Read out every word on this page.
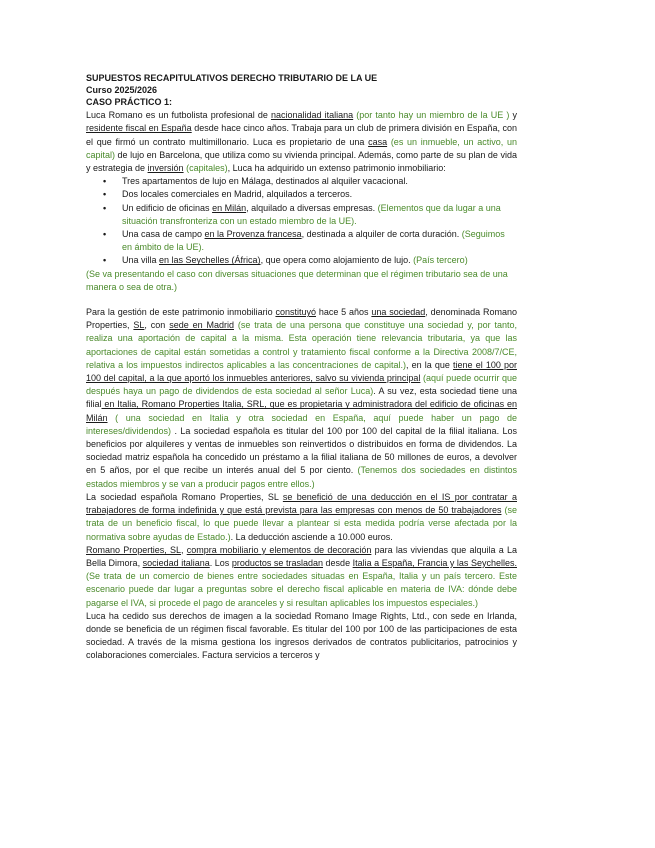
SUPUESTOS RECAPITULATIVOS DERECHO TRIBUTARIO DE LA UE

Curso 2025/2026

CASO PRÁCTICO 1:

Luca Romano es un futbolista profesional de nacionalidad italiana (por tanto hay un miembro de la UE ) y residente fiscal en España desde hace cinco años. Trabaja para un club de primera división en España, con el que firmó un contrato multimillonario. Luca es propietario de una casa (es un inmueble, un activo, un capital) de lujo en Barcelona, que utiliza como su vivienda principal. Además, como parte de su plan de vida y estrategia de inversión (capitales), Luca ha adquirido un extenso patrimonio inmobiliario:

• Tres apartamentos de lujo en Málaga, destinados al alquiler vacacional.
• Dos locales comerciales en Madrid, alquilados a terceros.
• Un edificio de oficinas en Milán, alquilado a diversas empresas. (Elementos que da lugar a una situación transfronteriza con un estado miembro de la UE).
• Una casa de campo en la Provenza francesa, destinada a alquiler de corta duración. (Seguimos en ámbito de la UE).
• Una villa en las Seychelles (África), que opera como alojamiento de lujo. (País tercero)

(Se va presentando el caso con diversas situaciones que determinan que el régimen tributario sea de una manera o sea de otra.)

Para la gestión de este patrimonio inmobiliario constituyó hace 5 años una sociedad, denominada Romano Properties, SL, con sede en Madrid (se trata de una persona que constituye una sociedad y, por tanto, realiza una aportación de capital a la misma. Esta operación tiene relevancia tributaria, ya que las aportaciones de capital están sometidas a control y tratamiento fiscal conforme a la Directiva 2008/7/CE, relativa a los impuestos indirectos aplicables a las concentraciones de capital.), en la que tiene el 100 por 100 del capital, a la que aportó los inmuebles anteriores, salvo su vivienda principal (aquí puede ocurrir que después haya un pago de dividendos de esta sociedad al señor Luca). A su vez, esta sociedad tiene una filial en Italia, Romano Properties Italia, SRL, que es propietaria y administradora del edificio de oficinas en Milán ( una sociedad en Italia y otra sociedad en España, aquí puede haber un pago de intereses/dividendos) . La sociedad española es titular del 100 por 100 del capital de la filial italiana. Los beneficios por alquileres y ventas de inmuebles son reinvertidos o distribuidos en forma de dividendos. La sociedad matriz española ha concedido un préstamo a la filial italiana de 50 millones de euros, a devolver en 5 años, por el que recibe un interés anual del 5 por ciento. (Tenemos dos sociedades en distintos estados miembros y se van a producir pagos entre ellos.)

La sociedad española Romano Properties, SL se benefició de una deducción en el IS por contratar a trabajadores de forma indefinida y que está prevista para las empresas con menos de 50 trabajadores (se trata de un beneficio fiscal, lo que puede llevar a plantear si esta medida podría verse afectada por la normativa sobre ayudas de Estado.). La deducción asciende a 10.000 euros.

Romano Properties, SL, compra mobiliario y elementos de decoración para las viviendas que alquila a La Bella Dimora, sociedad italiana. Los productos se trasladan desde Italia a España, Francia y las Seychelles. (Se trata de un comercio de bienes entre sociedades situadas en España, Italia y un país tercero. Este escenario puede dar lugar a preguntas sobre el derecho fiscal aplicable en materia de IVA: dónde debe pagarse el IVA, si procede el pago de aranceles y si resultan aplicables los impuestos especiales.)

Luca ha cedido sus derechos de imagen a la sociedad Romano Image Rights, Ltd., con sede en Irlanda, donde se beneficia de un régimen fiscal favorable. Es titular del 100 por 100 de las participaciones de esta sociedad. A través de la misma gestiona los ingresos derivados de contratos publicitarios, patrocinios y colaboraciones comerciales. Factura servicios a terceros y
